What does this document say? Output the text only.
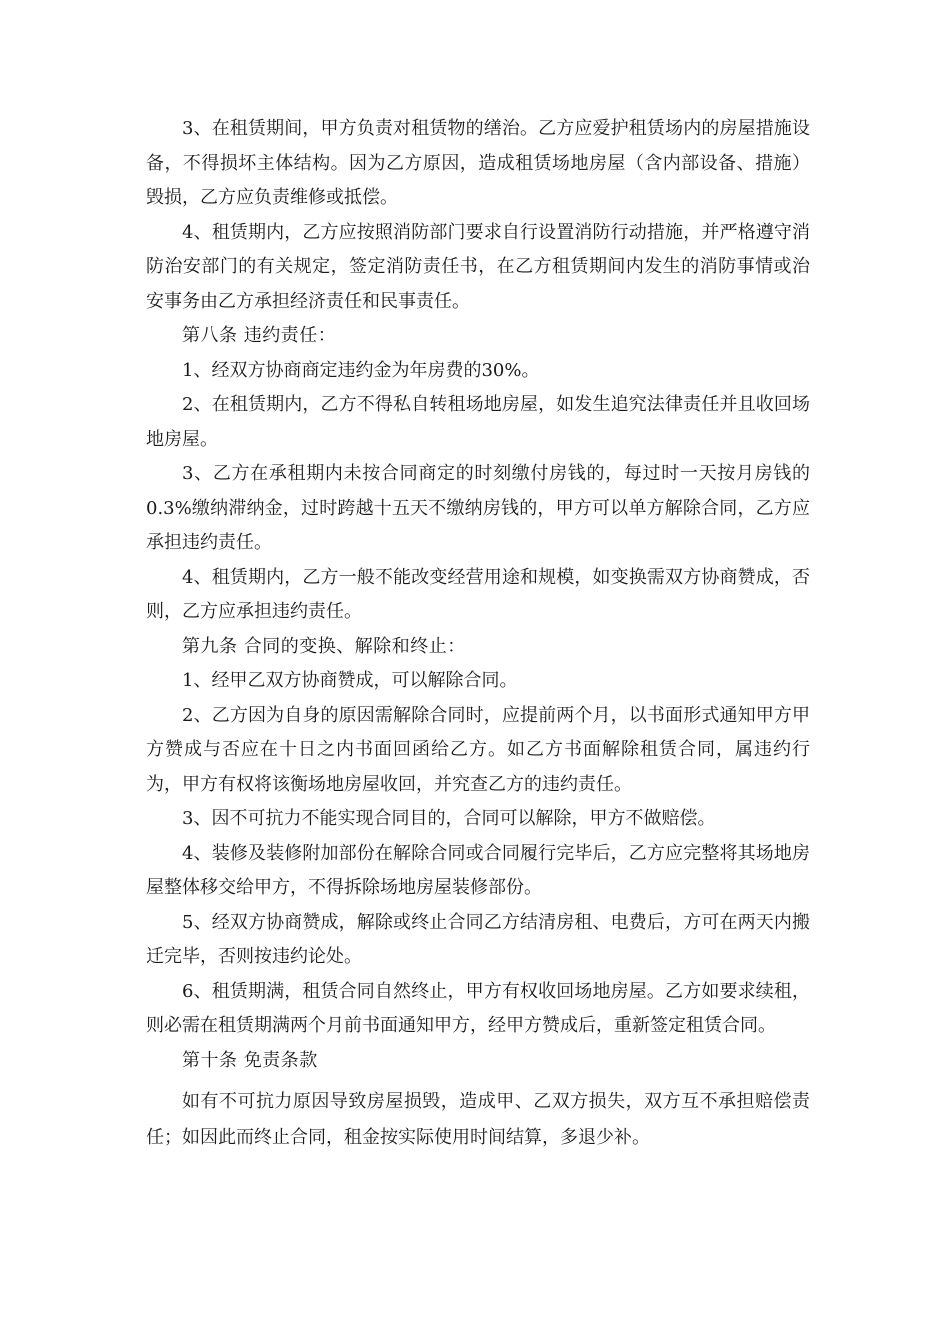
3、在租赁期间，甲方负责对租赁物的缮治。乙方应爱护租赁场内的房屋措施设备，不得损坏主体结构。因为乙方原因，造成租赁场地房屋（含内部设备、措施）毁损，乙方应负责维修或抵偿。

4、租赁期内，乙方应按照消防部门要求自行设置消防行动措施，并严格遵守消防治安部门的有关规定，签定消防责任书，在乙方租赁期间内发生的消防事情或治安事务由乙方承担经济责任和民事责任。

第八条 违约责任：

1、经双方协商商定违约金为年房费的30%。

2、在租赁期内，乙方不得私自转租场地房屋，如发生追究法律责任并且收回场地房屋。

3、乙方在承租期内未按合同商定的时刻缴付房钱的，每过时一天按月房钱的0.3%缴纳滞纳金，过时跨越十五天不缴纳房钱的，甲方可以单方解除合同，乙方应承担违约责任。

4、租赁期内，乙方一般不能改变经营用途和规模，如变换需双方协商赞成，否则，乙方应承担违约责任。

第九条 合同的变换、解除和终止：

1、经甲乙双方协商赞成，可以解除合同。

2、乙方因为自身的原因需解除合同时，应提前两个月，以书面形式通知甲方甲方赞成与否应在十日之内书面回函给乙方。如乙方书面解除租赁合同，属违约行为，甲方有权将该衡场地房屋收回，并究查乙方的违约责任。

3、因不可抗力不能实现合同目的，合同可以解除，甲方不做赔偿。

4、装修及装修附加部份在解除合同或合同履行完毕后，乙方应完整将其场地房屋整体移交给甲方，不得拆除场地房屋装修部份。

5、经双方协商赞成，解除或终止合同乙方结清房租、电费后，方可在两天内搬迁完毕，否则按违约论处。

6、租赁期满，租赁合同自然终止，甲方有权收回场地房屋。乙方如要求续租，则必需在租赁期满两个月前书面通知甲方，经甲方赞成后，重新签定租赁合同。

第十条 免责条款

如有不可抗力原因导致房屋损毁，造成甲、乙双方损失，双方互不承担赔偿责任；如因此而终止合同，租金按实际使用时间结算，多退少补。
